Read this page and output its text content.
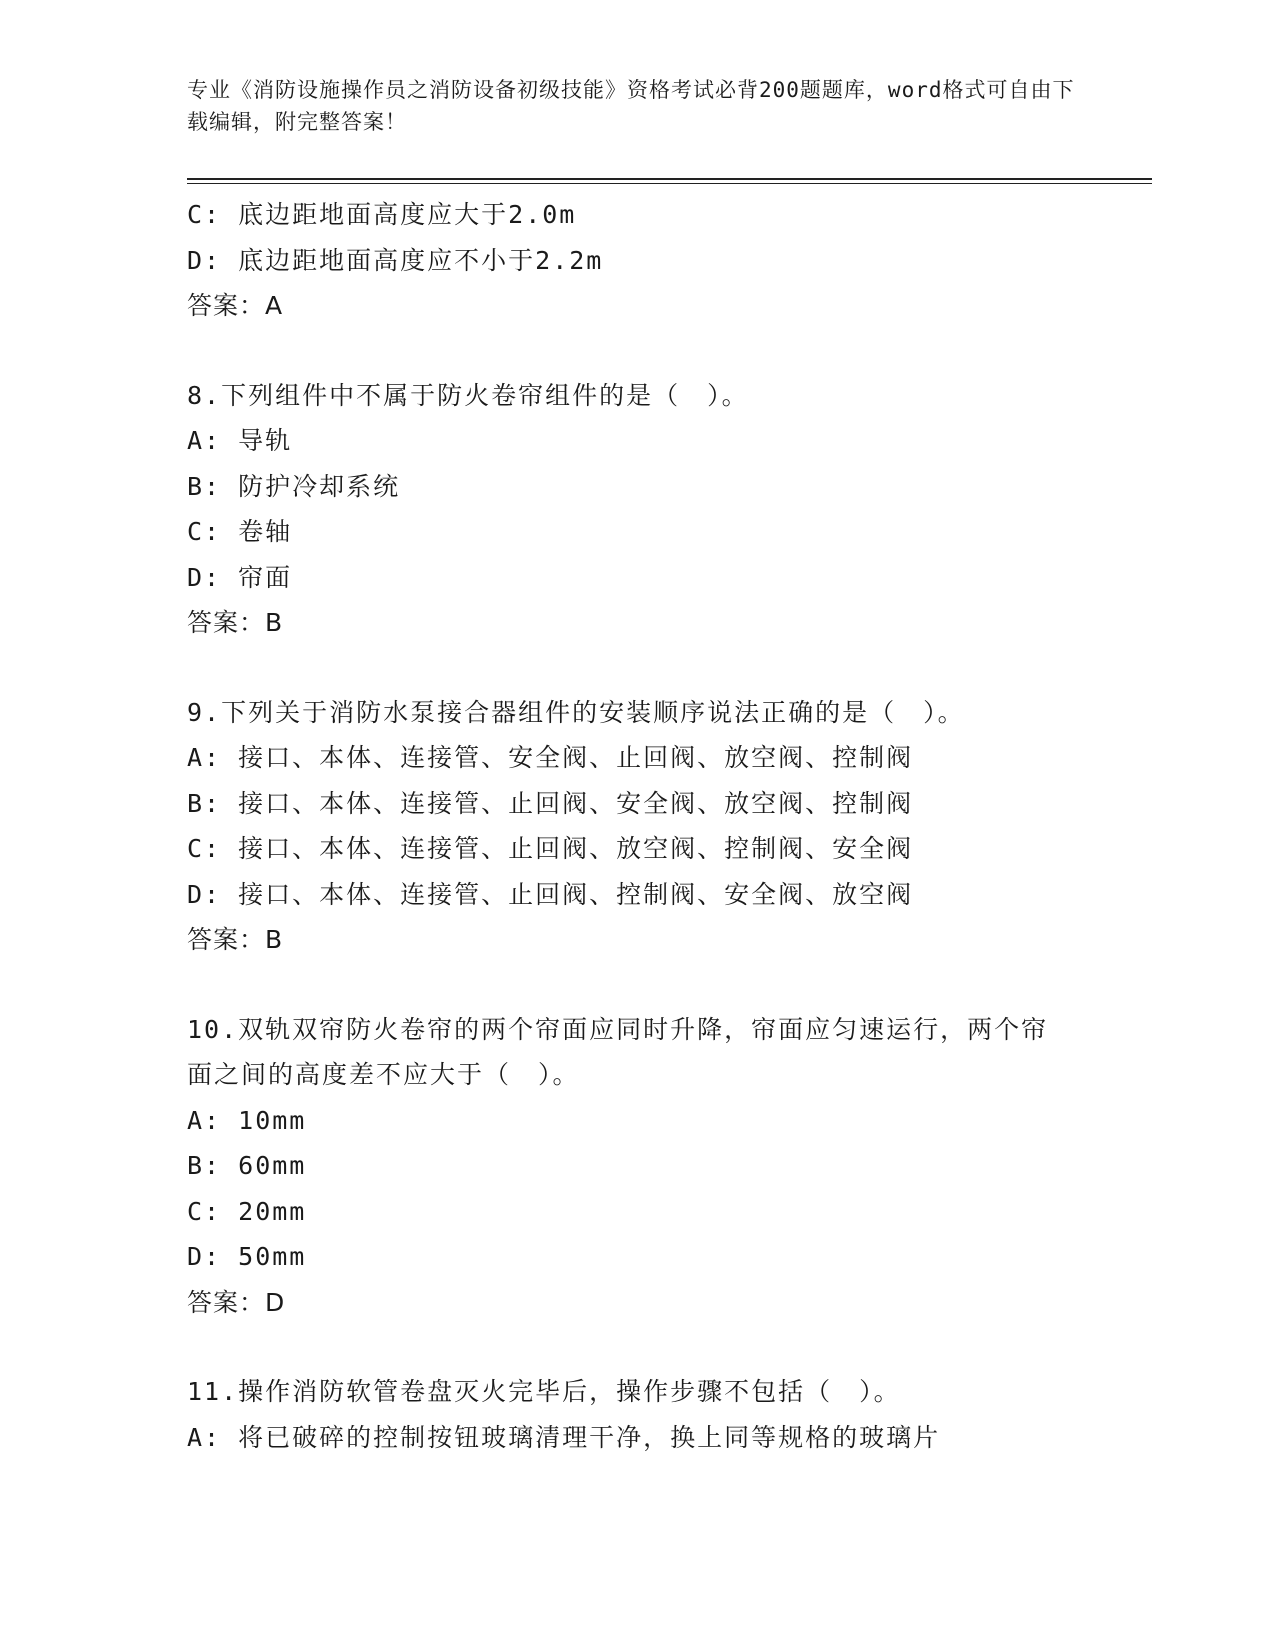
专业《消防设施操作员之消防设备初级技能》资格考试必背200题题库，word格式可自由下载编辑，附完整答案！
C: 底边距地面高度应大于2.0m
D: 底边距地面高度应不小于2.2m
答案：A
8.下列组件中不属于防火卷帘组件的是（　）。
A: 导轨
B: 防护冷却系统
C: 卷轴
D: 帘面
答案：B
9.下列关于消防水泵接合器组件的安装顺序说法正确的是（　）。
A: 接口、本体、连接管、安全阀、止回阀、放空阀、控制阀
B: 接口、本体、连接管、止回阀、安全阀、放空阀、控制阀
C: 接口、本体、连接管、止回阀、放空阀、控制阀、安全阀
D: 接口、本体、连接管、止回阀、控制阀、安全阀、放空阀
答案：B
10.双轨双帘防火卷帘的两个帘面应同时升降，帘面应匀速运行，两个帘面之间的高度差不应大于（　）。
A: 10mm
B: 60mm
C: 20mm
D: 50mm
答案：D
11.操作消防软管卷盘灭火完毕后，操作步骤不包括（　）。
A: 将已破碎的控制按钮玻璃清理干净，换上同等规格的玻璃片
